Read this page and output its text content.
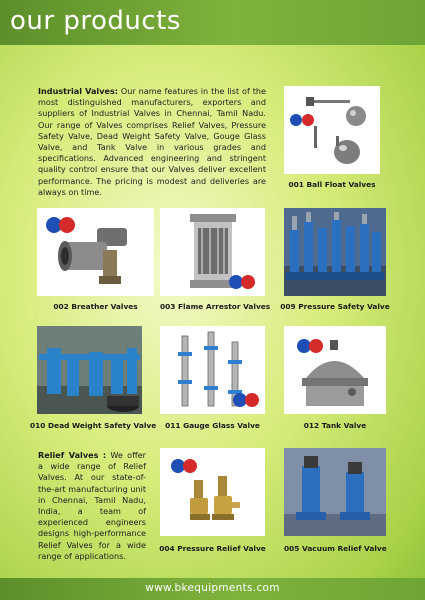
our products
Industrial Valves: Our name features in the list of the most distinguished manufacturers, exporters and suppliers of Industrial Valves in Chennai, Tamil Nadu. Our range of Valves comprises Relief Valves, Pressure Safety Valve, Dead Weight Safety Valve, Gouge Glass Valve, and Tank Valve in various grades and specifications. Advanced engineering and stringent quality control ensure that our Valves deliver excellent performance. The pricing is modest and deliveries are always on time.
Relief Valves : We offer a wide range of Relief Valves. At our state-of-the-art manufacturing unit in Chennai, Tamil Nadu, India, a team of experienced engineers designs high-performance Relief Valves for a wide range of applications.
001 Ball Float Valves
002 Breather Valves	003 Flame Arrestor Valves	009 Pressure Safety Valve
010 Dead Weight Safety Valve	011 Gauge Glass Valve	012 Tank Valve
004 Pressure Relief Valve	005 Vacuum Relief Valve
www.bkequipments.com
